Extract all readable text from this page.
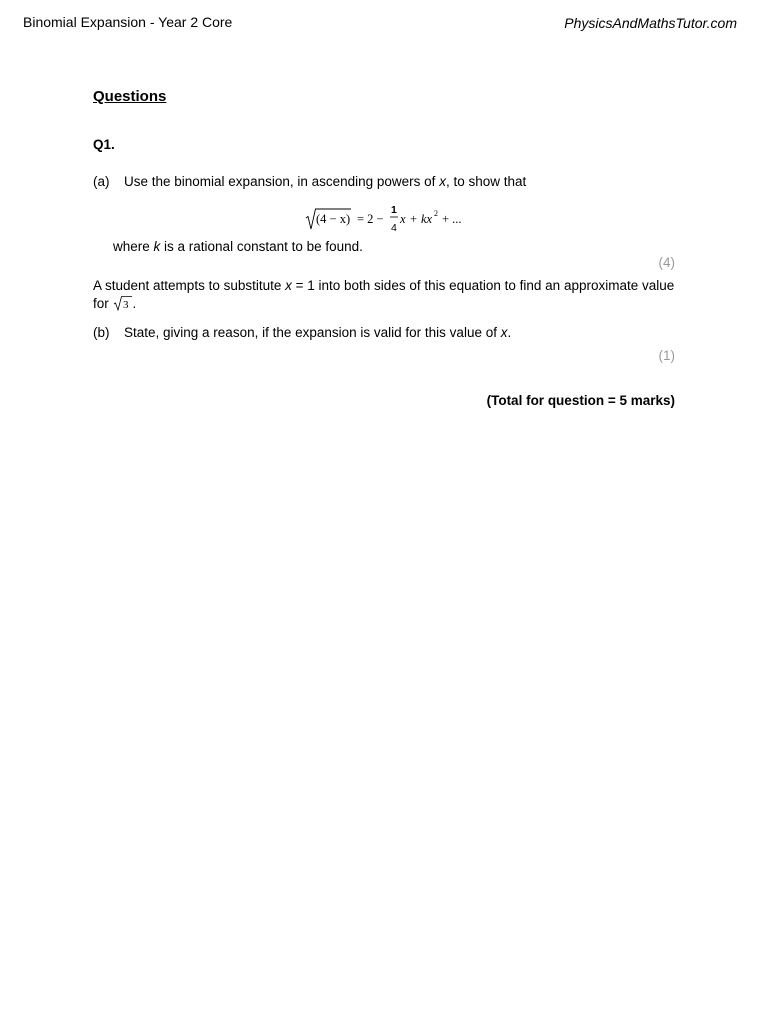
Binomial Expansion - Year 2 Core	PhysicsAndMathsTutor.com
Questions
Q1.
(a) Use the binomial expansion, in ascending powers of x, to show that
(4 − x) = 2 −
1
4
x + kx 2 + ...
where k is a rational constant to be found.
(4)
A student attempts to substitute x = 1 into both sides of this equation to find an approximate value for 3 .
(b) State, giving a reason, if the expansion is valid for this value of x.
(1)
(Total for question = 5 marks)
